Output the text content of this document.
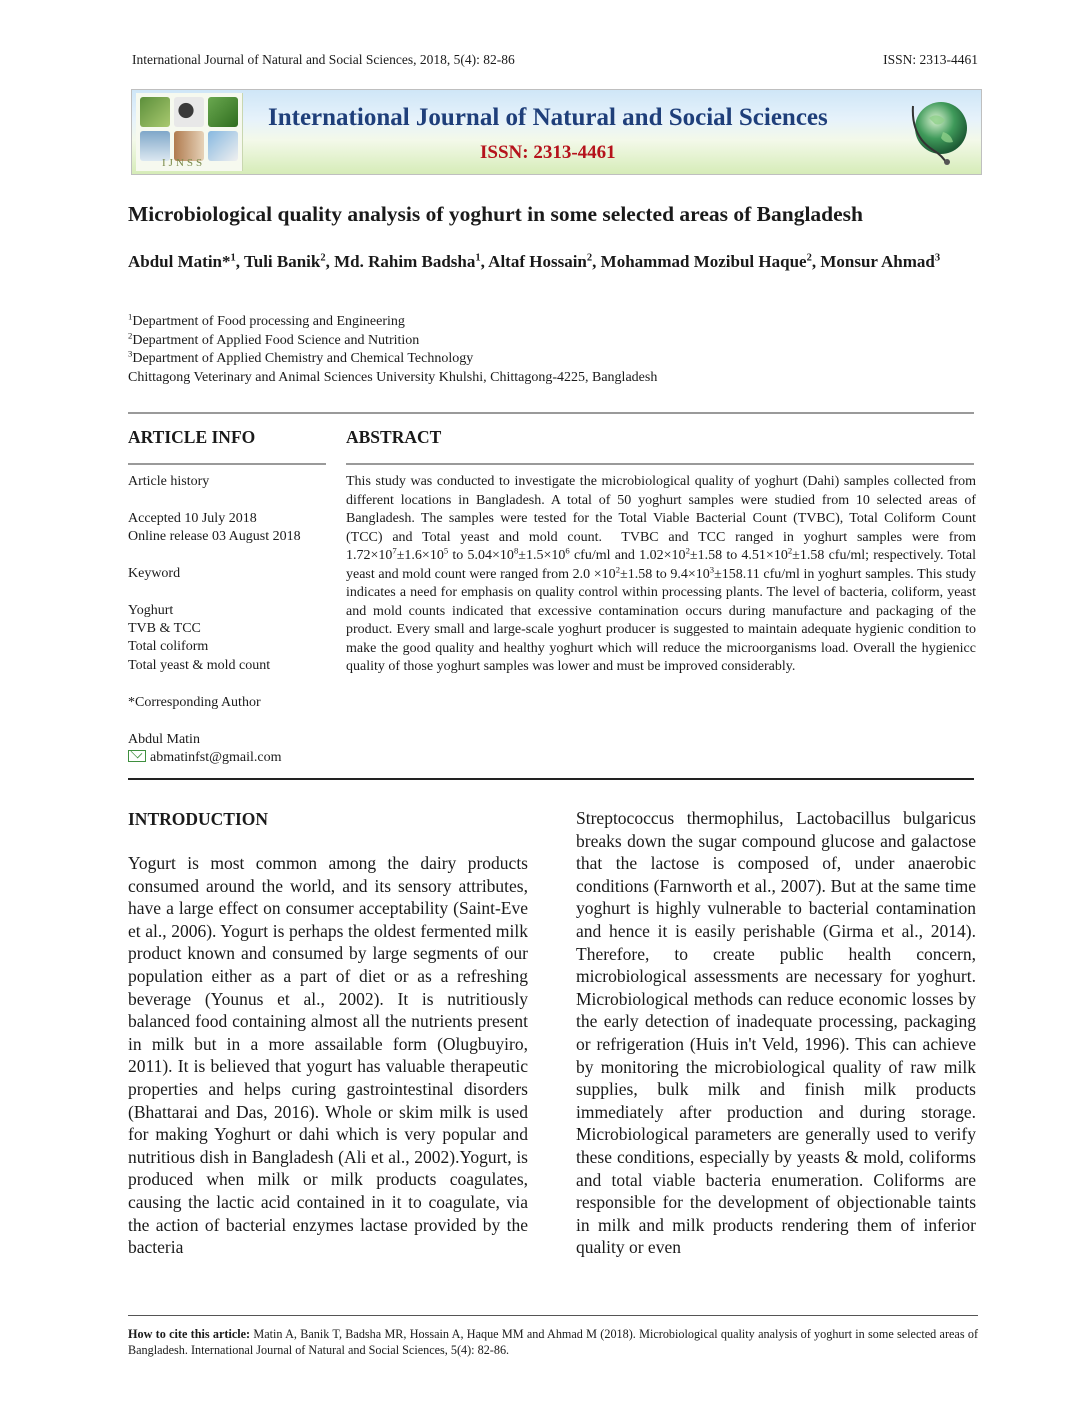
International Journal of Natural and Social Sciences, 2018, 5(4): 82-86	ISSN: 2313-4461
IJNSS
International Journal of Natural and Social Sciences
ISSN: 2313-4461
Microbiological quality analysis of yoghurt in some selected areas of Bangladesh
Abdul Matin*$^1$, Tuli Banik$^2$, Md. Rahim Badsha$^1$, Altaf Hossain$^2$, Mohammad Mozibul Haque$^2$, Monsur Ahmad$^3$
$^1$Department of Food processing and Engineering
$^2$Department of Applied Food Science and Nutrition
$^3$Department of Applied Chemistry and Chemical Technology
Chittagong Veterinary and Animal Sciences University Khulshi, Chittagong-4225, Bangladesh
ARTICLE INFO	ABSTRACT
Article history
Accepted 10 July 2018
Online release 03 August 2018
Keyword
Yoghurt
TVB & TCC
Total coliform
Total yeast & mold count
*Corresponding Author
Abdul Matin
abmatinfst@gmail.com
This study was conducted to investigate the microbiological quality of yoghurt (Dahi) samples collected from different locations in Bangladesh. A total of 50 yoghurt samples were studied from 10 selected areas of Bangladesh. The samples were tested for the Total Viable Bacterial Count (TVBC), Total Coliform Count (TCC) and Total yeast and mold count.  TVBC and TCC ranged in yoghurt samples were from $1.72\times 10^7\pm 1.6\times 10^5$ to $5.04\times 10^8\pm 1.5\times 10^6$ cfu/ml and $1.02\times 10^2\pm 1.58$ to $4.51\times 10^2\pm 1.58$ cfu/ml; respectively. Total yeast and mold count were ranged from $2.0 \times 10^2\pm 1.58$ to $9.4\times 10^3\pm 158.11$ cfu/ml in yoghurt samples. This study indicates a need for emphasis on quality control within processing plants. The level of bacteria, coliform, yeast and mold counts indicated that excessive contamination occurs during manufacture and packaging of the product. Every small and large-scale yoghurt producer is suggested to maintain adequate hygienic condition to make the good quality and healthy yoghurt which will reduce the microorganisms load. Overall the hygienicc quality of those yoghurt samples was lower and must be improved considerably.
INTRODUCTION

Yogurt is most common among the dairy products consumed around the world, and its sensory attributes, have a large effect on consumer acceptability (Saint-Eve et al., 2006). Yogurt is perhaps the oldest fermented milk product known and consumed by large segments of our population either as a part of diet or as a refreshing beverage (Younus et al., 2002). It is nutritiously balanced food containing almost all the nutrients present in milk but in a more assailable form (Olugbuyiro, 2011). It is believed that yogurt has valuable therapeutic properties and helps curing gastrointestinal disorders (Bhattarai and Das, 2016). Whole or skim milk is used for making Yoghurt or dahi which is very popular and nutritious dish in Bangladesh (Ali et al., 2002).Yogurt, is produced when milk or milk products coagulates, causing the lactic acid contained in it to coagulate, via the action of bacterial enzymes lactase provided by the bacteria

Streptococcus thermophilus, Lactobacillus bulgaricus breaks down the sugar compound glucose and galactose that the lactose is composed of, under anaerobic conditions (Farnworth et al., 2007). But at the same time yoghurt is highly vulnerable to bacterial contamination and hence it is easily perishable (Girma et al., 2014). Therefore, to create public health concern, microbiological assessments are necessary for yoghurt. Microbiological methods can reduce economic losses by the early detection of inadequate processing, packaging or refrigeration (Huis in't Veld, 1996). This can achieve by monitoring the microbiological quality of raw milk supplies, bulk milk and finish milk products immediately after production and during storage. Microbiological parameters are generally used to verify these conditions, especially by yeasts & mold, coliforms and total viable bacteria enumeration. Coliforms are responsible for the development of objectionable taints in milk and milk products rendering them of inferior quality or even

How to cite this article: Matin A, Banik T, Badsha MR, Hossain A, Haque MM and Ahmad M (2018). Microbiological quality analysis of yoghurt in some selected areas of Bangladesh. International Journal of Natural and Social Sciences, 5(4): 82-86.
